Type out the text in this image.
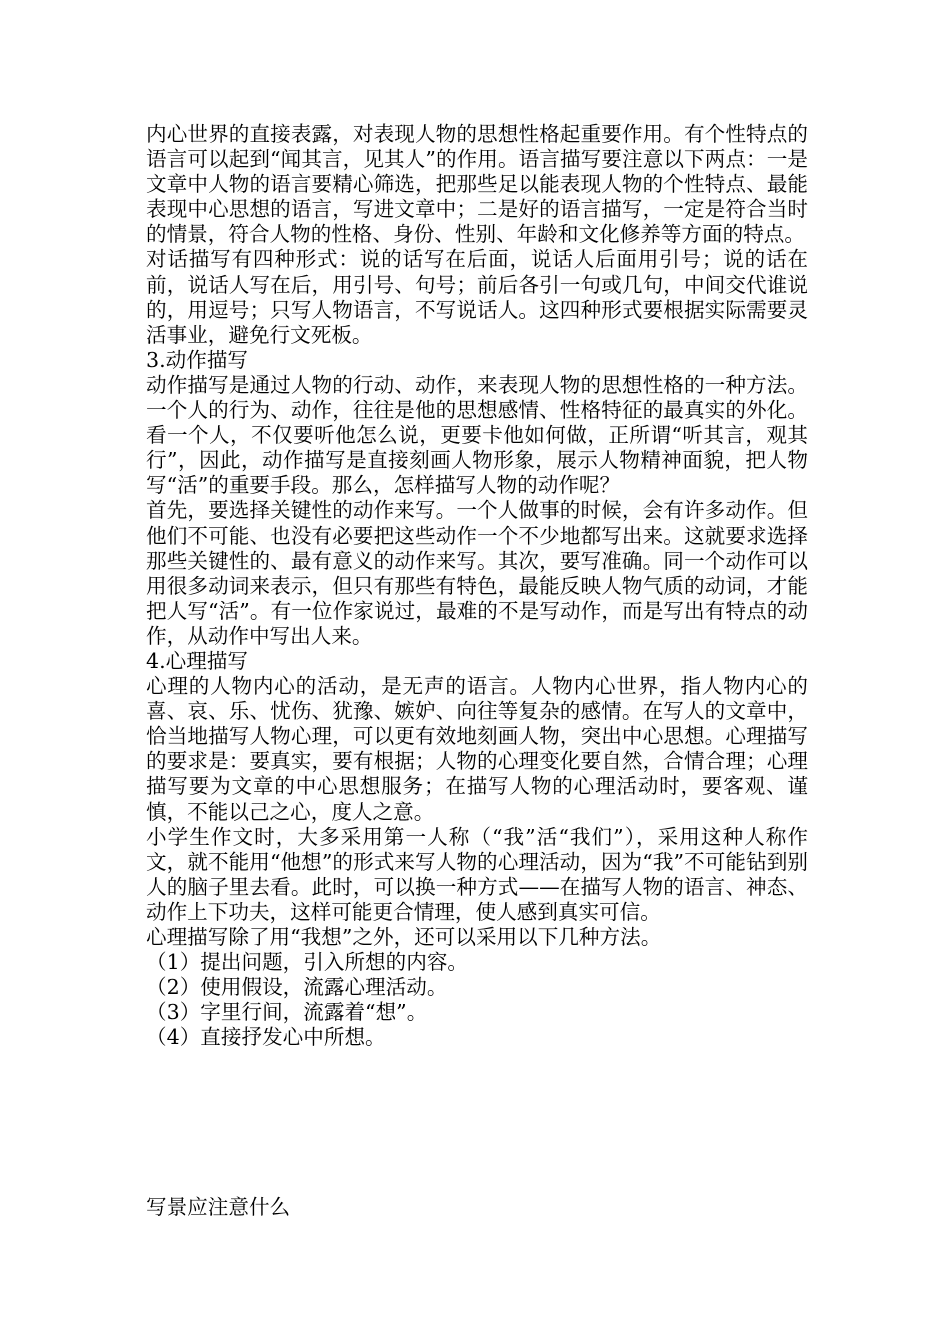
内心世界的直接表露，对表现人物的思想性格起重要作用。有个性特点的语言可以起到“闻其言，见其人”的作用。语言描写要注意以下两点：一是文章中人物的语言要精心筛选，把那些足以能表现人物的个性特点、最能表现中心思想的语言，写进文章中；二是好的语言描写，一定是符合当时的情景，符合人物的性格、身份、性别、年龄和文化修养等方面的特点。

对话描写有四种形式：说的话写在后面，说话人后面用引号；说的话在前，说话人写在后，用引号、句号；前后各引一句或几句，中间交代谁说的，用逗号；只写人物语言，不写说话人。这四种形式要根据实际需要灵活事业，避免行文死板。

3.动作描写

动作描写是通过人物的行动、动作，来表现人物的思想性格的一种方法。一个人的行为、动作，往往是他的思想感情、性格特征的最真实的外化。看一个人，不仅要听他怎么说，更要卡他如何做，正所谓“听其言，观其行”，因此，动作描写是直接刻画人物形象，展示人物精神面貌，把人物写“活”的重要手段。那么，怎样描写人物的动作呢？

首先，要选择关键性的动作来写。一个人做事的时候，会有许多动作。但他们不可能、也没有必要把这些动作一个不少地都写出来。这就要求选择那些关键性的、最有意义的动作来写。其次，要写准确。同一个动作可以用很多动词来表示，但只有那些有特色，最能反映人物气质的动词，才能把人写“活”。有一位作家说过，最难的不是写动作，而是写出有特点的动作，从动作中写出人来。

4.心理描写

心理的人物内心的活动，是无声的语言。人物内心世界，指人物内心的喜、哀、乐、忧伤、犹豫、嫉妒、向往等复杂的感情。在写人的文章中，恰当地描写人物心理，可以更有效地刻画人物，突出中心思想。心理描写的要求是：要真实，要有根据；人物的心理变化要自然，合情合理；心理描写要为文章的中心思想服务；在描写人物的心理活动时，要客观、谨慎，不能以己之心，度人之意。

小学生作文时，大多采用第一人称（“我”活“我们”），采用这种人称作文，就不能用“他想”的形式来写人物的心理活动，因为“我”不可能钻到别人的脑子里去看。此时，可以换一种方式——在描写人物的语言、神态、动作上下功夫，这样可能更合情理，使人感到真实可信。

心理描写除了用“我想”之外，还可以采用以下几种方法。

（1）提出问题，引入所想的内容。

（2）使用假设，流露心理活动。

（3）字里行间，流露着“想”。

（4）直接抒发心中所想。

写景应注意什么
